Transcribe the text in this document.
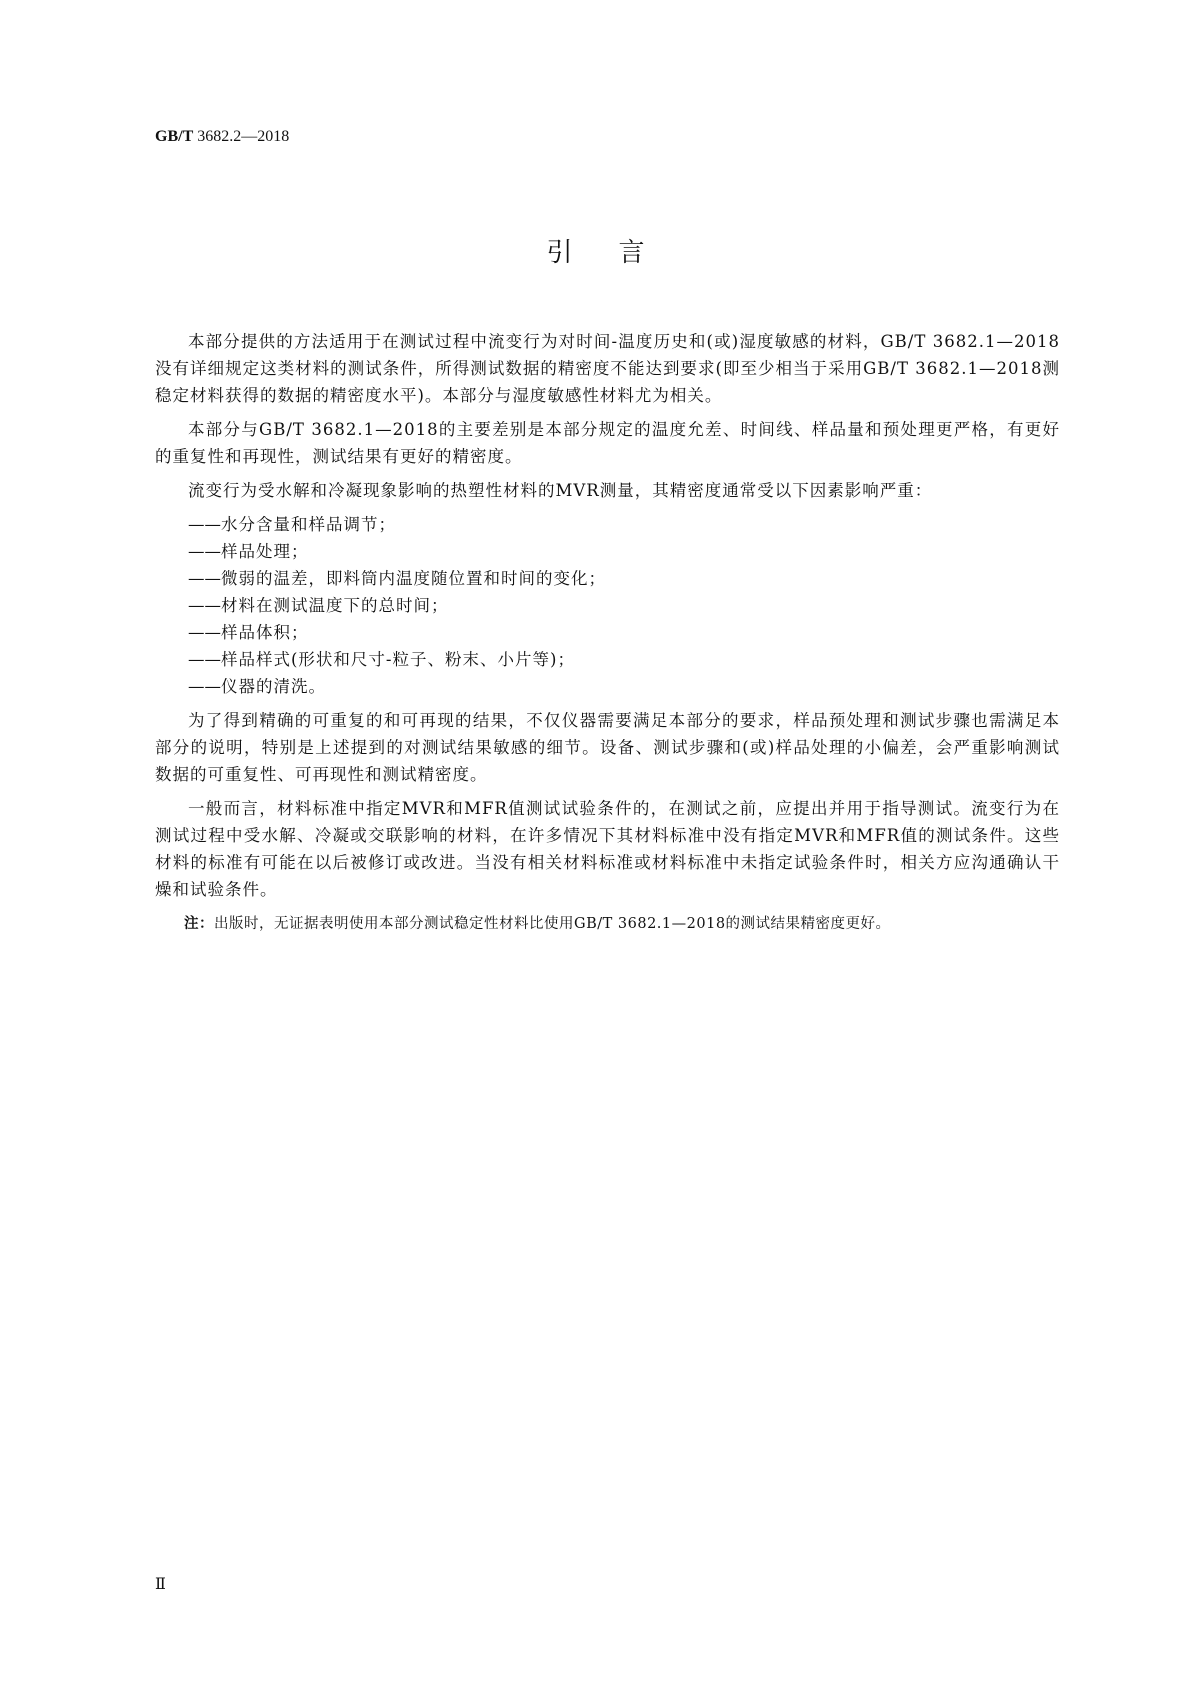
GB/T 3682.2—2018
引言

本部分提供的方法适用于在测试过程中流变行为对时间-温度历史和(或)湿度敏感的材料，GB/T 3682.1—2018没有详细规定这类材料的测试条件，所得测试数据的精密度不能达到要求(即至少相当于采用GB/T 3682.1—2018测稳定材料获得的数据的精密度水平)。本部分与湿度敏感性材料尤为相关。

本部分与GB/T 3682.1—2018的主要差别是本部分规定的温度允差、时间线、样品量和预处理更严格，有更好的重复性和再现性，测试结果有更好的精密度。

流变行为受水解和冷凝现象影响的热塑性材料的MVR测量，其精密度通常受以下因素影响严重：

——水分含量和样品调节；
——样品处理；
——微弱的温差，即料筒内温度随位置和时间的变化；
——材料在测试温度下的总时间；
——样品体积；
——样品样式(形状和尺寸-粒子、粉末、小片等)；
——仪器的清洗。

为了得到精确的可重复的和可再现的结果，不仅仪器需要满足本部分的要求，样品预处理和测试步骤也需满足本部分的说明，特别是上述提到的对测试结果敏感的细节。设备、测试步骤和(或)样品处理的小偏差，会严重影响测试数据的可重复性、可再现性和测试精密度。

一般而言，材料标准中指定MVR和MFR值测试试验条件的，在测试之前，应提出并用于指导测试。流变行为在测试过程中受水解、冷凝或交联影响的材料，在许多情况下其材料标准中没有指定MVR和MFR值的测试条件。这些材料的标准有可能在以后被修订或改进。当没有相关材料标准或材料标准中未指定试验条件时，相关方应沟通确认干燥和试验条件。

注：出版时，无证据表明使用本部分测试稳定性材料比使用GB/T 3682.1—2018的测试结果精密度更好。
Ⅱ
